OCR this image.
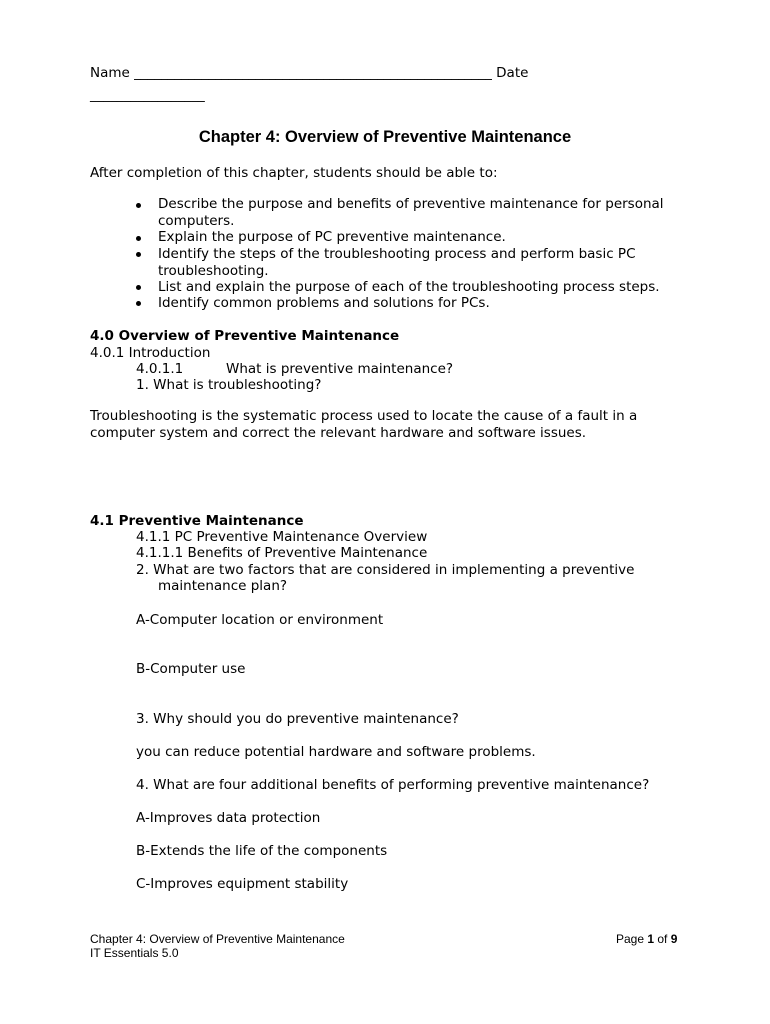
Name _____________________________________________________ Date
_________________
Chapter 4: Overview of Preventive Maintenance
After completion of this chapter, students should be able to:
Describe the purpose and benefits of preventive maintenance for personal
computers.
Explain the purpose of PC preventive maintenance.
Identify the steps of the troubleshooting process and perform basic PC
troubleshooting.
List and explain the purpose of each of the troubleshooting process steps.
Identify common problems and solutions for PCs.
4.0 Overview of Preventive Maintenance
4.0.1 Introduction
4.0.1.1	What is preventive maintenance?
1. What is troubleshooting?
Troubleshooting is the systematic process used to locate the cause of a fault in a
computer system and correct the relevant hardware and software issues.
4.1 Preventive Maintenance
4.1.1 PC Preventive Maintenance Overview
4.1.1.1 Benefits of Preventive Maintenance
2. What are two factors that are considered in implementing a preventive
maintenance plan?
A-Computer location or environment
B-Computer use
3. Why should you do preventive maintenance?
you can reduce potential hardware and software problems.
4. What are four additional benefits of performing preventive maintenance?
A-Improves data protection
B-Extends the life of the components
C-Improves equipment stability
Chapter 4: Overview of Preventive Maintenance
IT Essentials 5.0
Page 1 of 9
